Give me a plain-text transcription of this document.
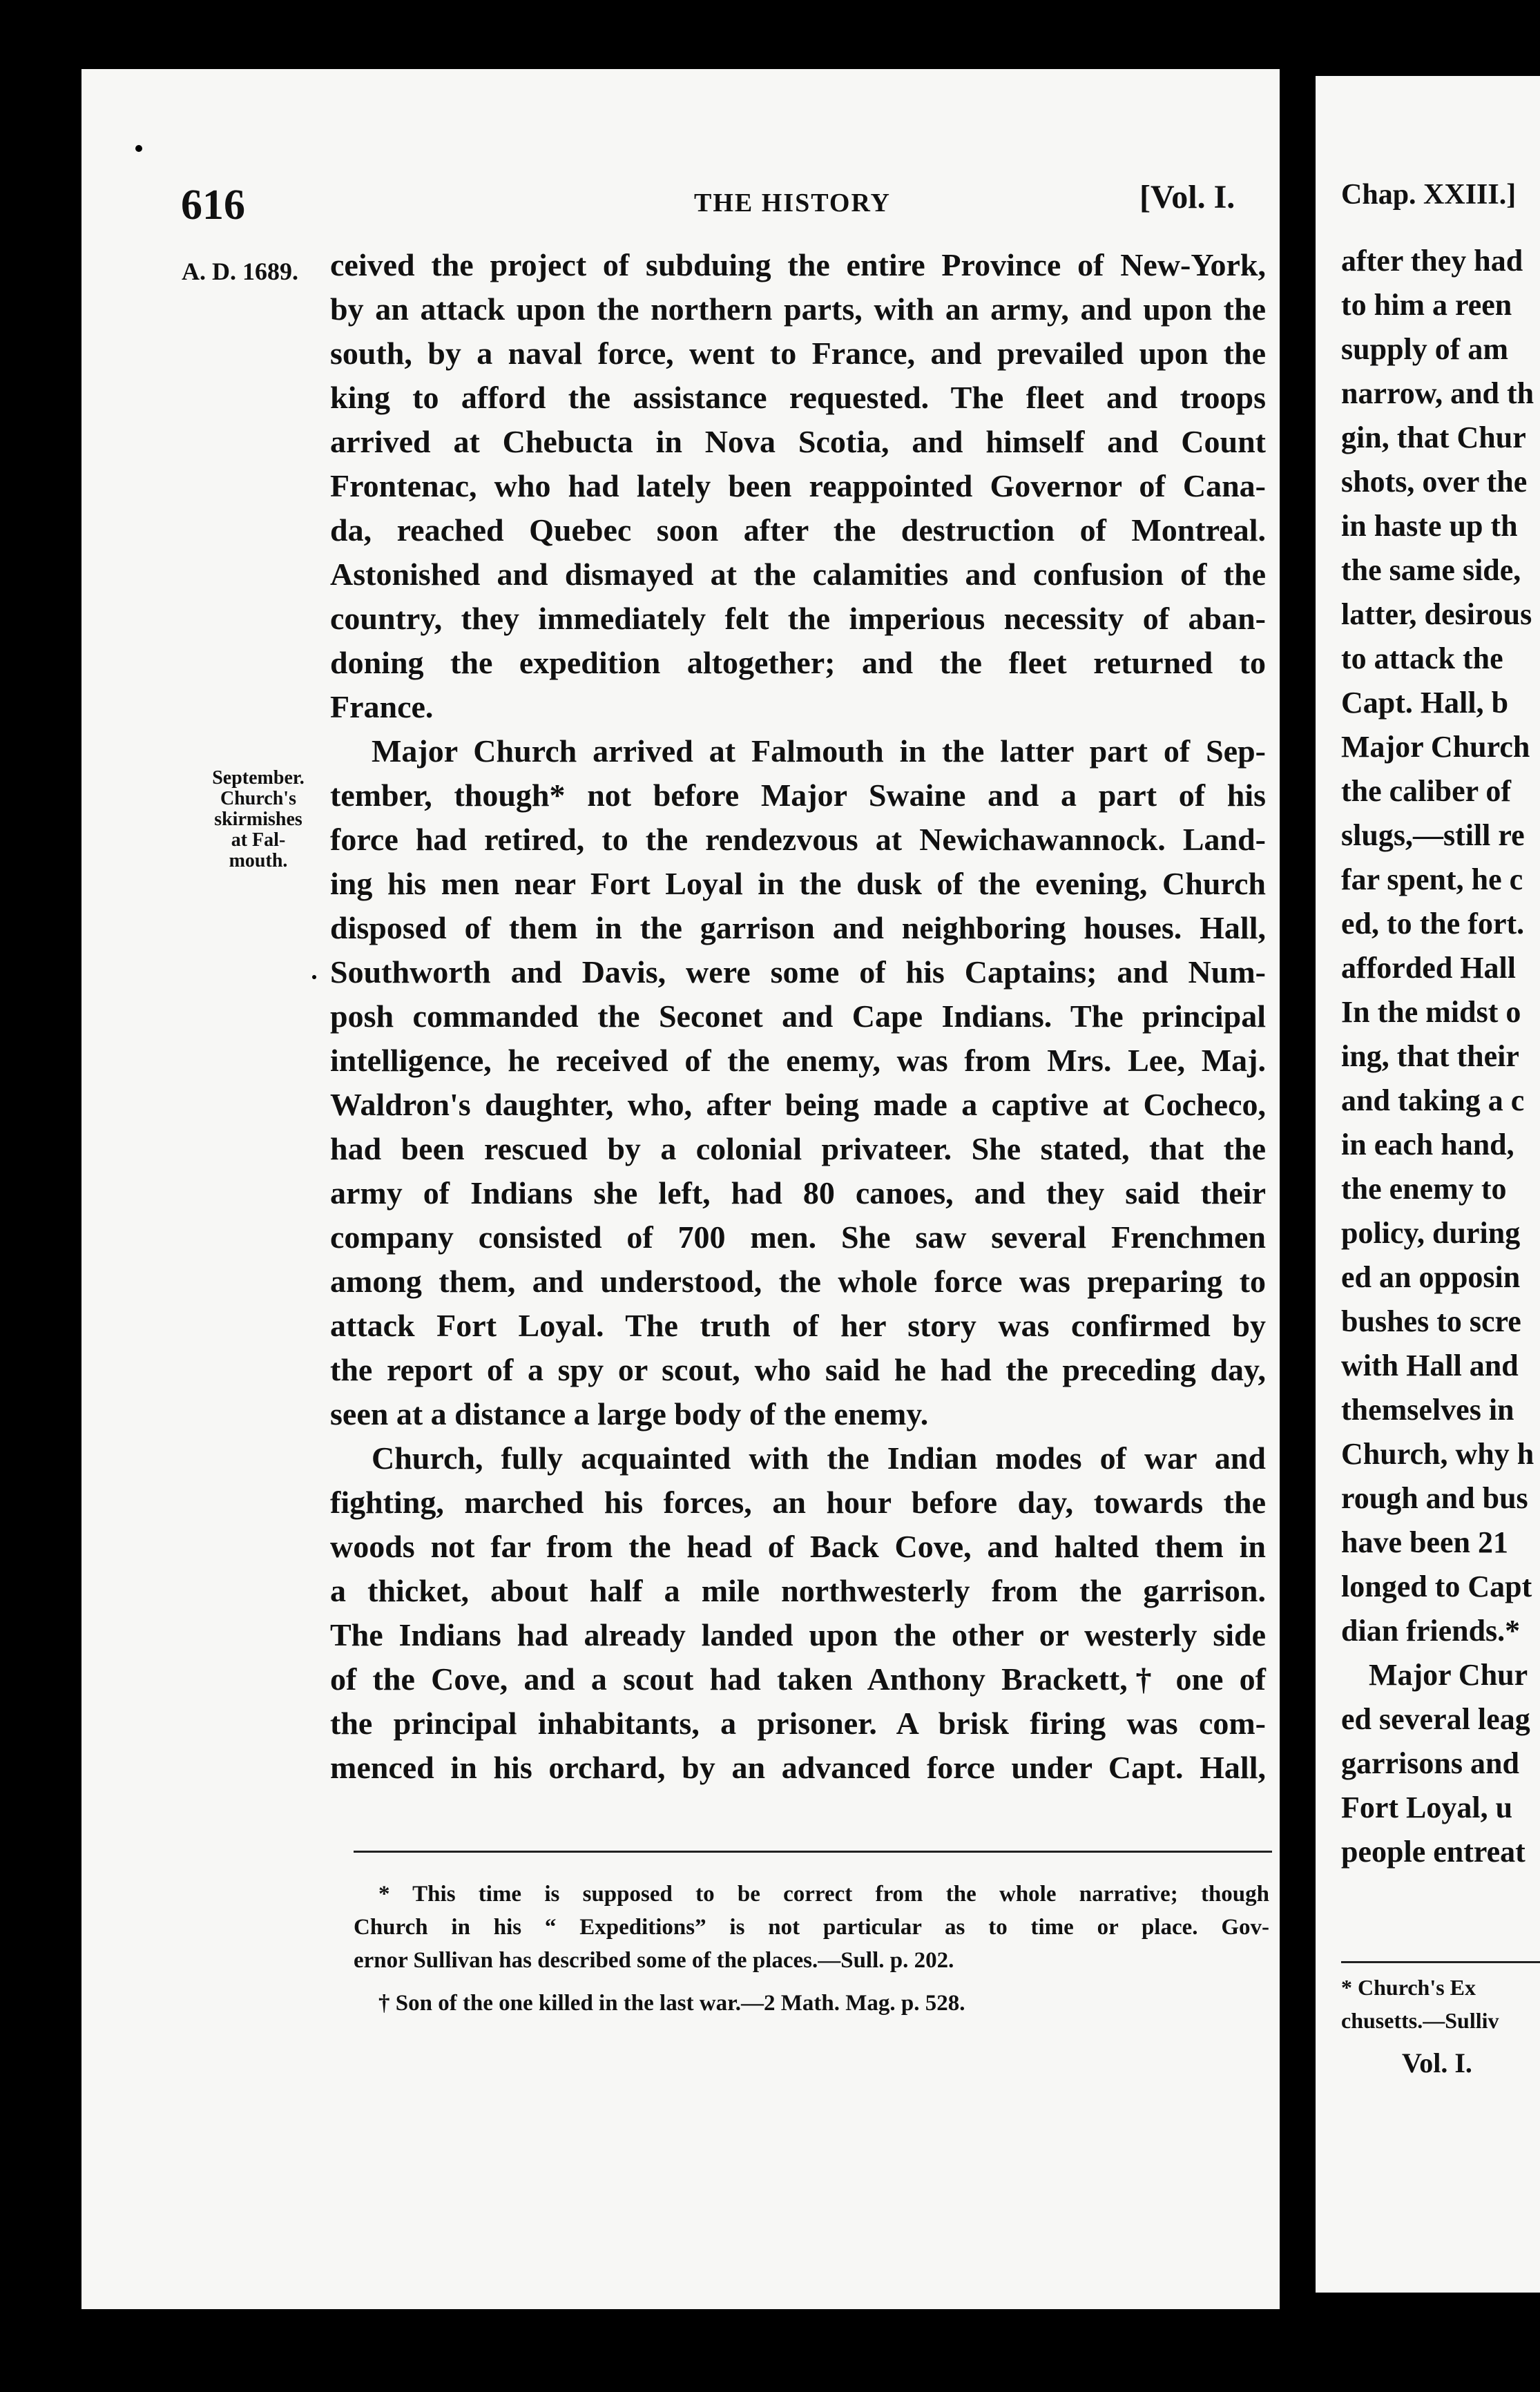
616	THE HISTORY	[Vol. I.
A. D. 1689.
September.
Church's
skirmishes
at Fal-
mouth.
ceived the project of subduing the entire Province of New-York,
by an attack upon the northern parts, with an army, and upon the
south, by a naval force, went to France, and prevailed upon the
king to afford the assistance requested. The fleet and troops
arrived at Chebucta in Nova Scotia, and himself and Count
Frontenac, who had lately been reappointed Governor of Cana-
da, reached Quebec soon after the destruction of Montreal.
Astonished and dismayed at the calamities and confusion of the
country, they immediately felt the imperious necessity of aban-
doning the expedition altogether; and the fleet returned to
France.
Major Church arrived at Falmouth in the latter part of Sep-
tember, though* not before Major Swaine and a part of his
force had retired, to the rendezvous at Newichawannock. Land-
ing his men near Fort Loyal in the dusk of the evening, Church
disposed of them in the garrison and neighboring houses. Hall,
Southworth and Davis, were some of his Captains; and Num-
posh commanded the Seconet and Cape Indians. The principal
intelligence, he received of the enemy, was from Mrs. Lee, Maj.
Waldron's daughter, who, after being made a captive at Cocheco,
had been rescued by a colonial privateer. She stated, that the
army of Indians she left, had 80 canoes, and they said their
company consisted of 700 men. She saw several Frenchmen
among them, and understood, the whole force was preparing to
attack Fort Loyal. The truth of her story was confirmed by
the report of a spy or scout, who said he had the preceding day,
seen at a distance a large body of the enemy.
Church, fully acquainted with the Indian modes of war and
fighting, marched his forces, an hour before day, towards the
woods not far from the head of Back Cove, and halted them in
a thicket, about half a mile northwesterly from the garrison.
The Indians had already landed upon the other or westerly side
of the Cove, and a scout had taken Anthony Brackett,† one of
the principal inhabitants, a prisoner. A brisk firing was com-
menced in his orchard, by an advanced force under Capt. Hall,
* This time is supposed to be correct from the whole narrative; though
Church in his “ Expeditions” is not particular as to time or place. Gov-
ernor Sullivan has described some of the places.—Sull. p. 202.
† Son of the one killed in the last war.—2 Math. Mag. p. 528.
Chap. XXIII.]
after they had
to him a reen
supply of am
narrow, and th
gin, that Chur
shots, over the
in haste up th
the same side,
latter, desirous
to attack the
Capt. Hall, b
Major Church
the caliber of
slugs,—still re
far spent, he c
ed, to the fort.
afforded Hall
In the midst o
ing, that their
and taking a c
in each hand,
the enemy to
policy, during
ed an opposin
bushes to scre
with Hall and
themselves in
Church, why h
rough and bus
have been 21
longed to Capt
dian friends.*
Major Chur
ed several leag
garrisons and
Fort Loyal, u
people entreat
* Church's Ex
chusetts.—Sulliv
Vol. I.
